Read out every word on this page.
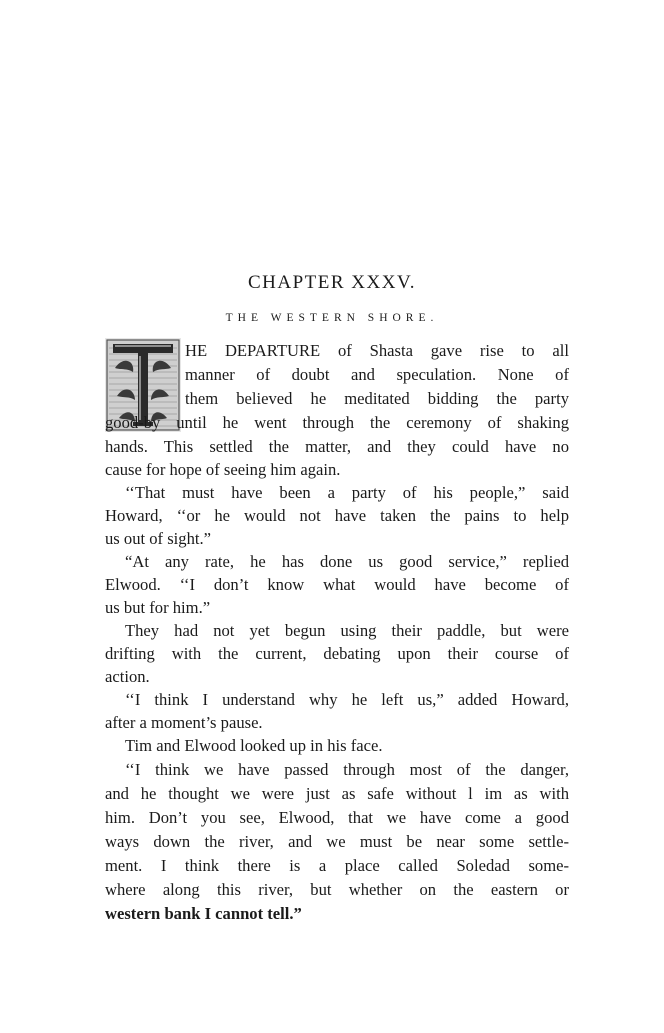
CHAPTER XXXV.
THE WESTERN SHORE.

HE DEPARTURE of Shasta gave rise to all

manner of doubt and speculation. None of

them believed he meditated bidding the party

good-by until he went through the ceremony of shaking

hands. This settled the matter, and they could have no

cause for hope of seeing him again.

‘‘That must have been a party of his people,” said

Howard, ‘‘or he would not have taken the pains to help

us out of sight.”

“At any rate, he has done us good service,” replied

Elwood. ‘‘I don’t know what would have become of

us but for him.”

They had not yet begun using their paddle, but were

drifting with the current, debating upon their course of

action.

‘‘I think I understand why he left us,” added Howard,

after a moment’s pause.

Tim and Elwood looked up in his face.

‘‘I think we have passed through most of the danger,

and he thought we were just as safe without l im as with

him. Don’t you see, Elwood, that we have come a good

ways down the river, and we must be near some settle-

ment. I think there is a place called Soledad some-

where along this river, but whether on the eastern or

western bank I cannot tell.”
